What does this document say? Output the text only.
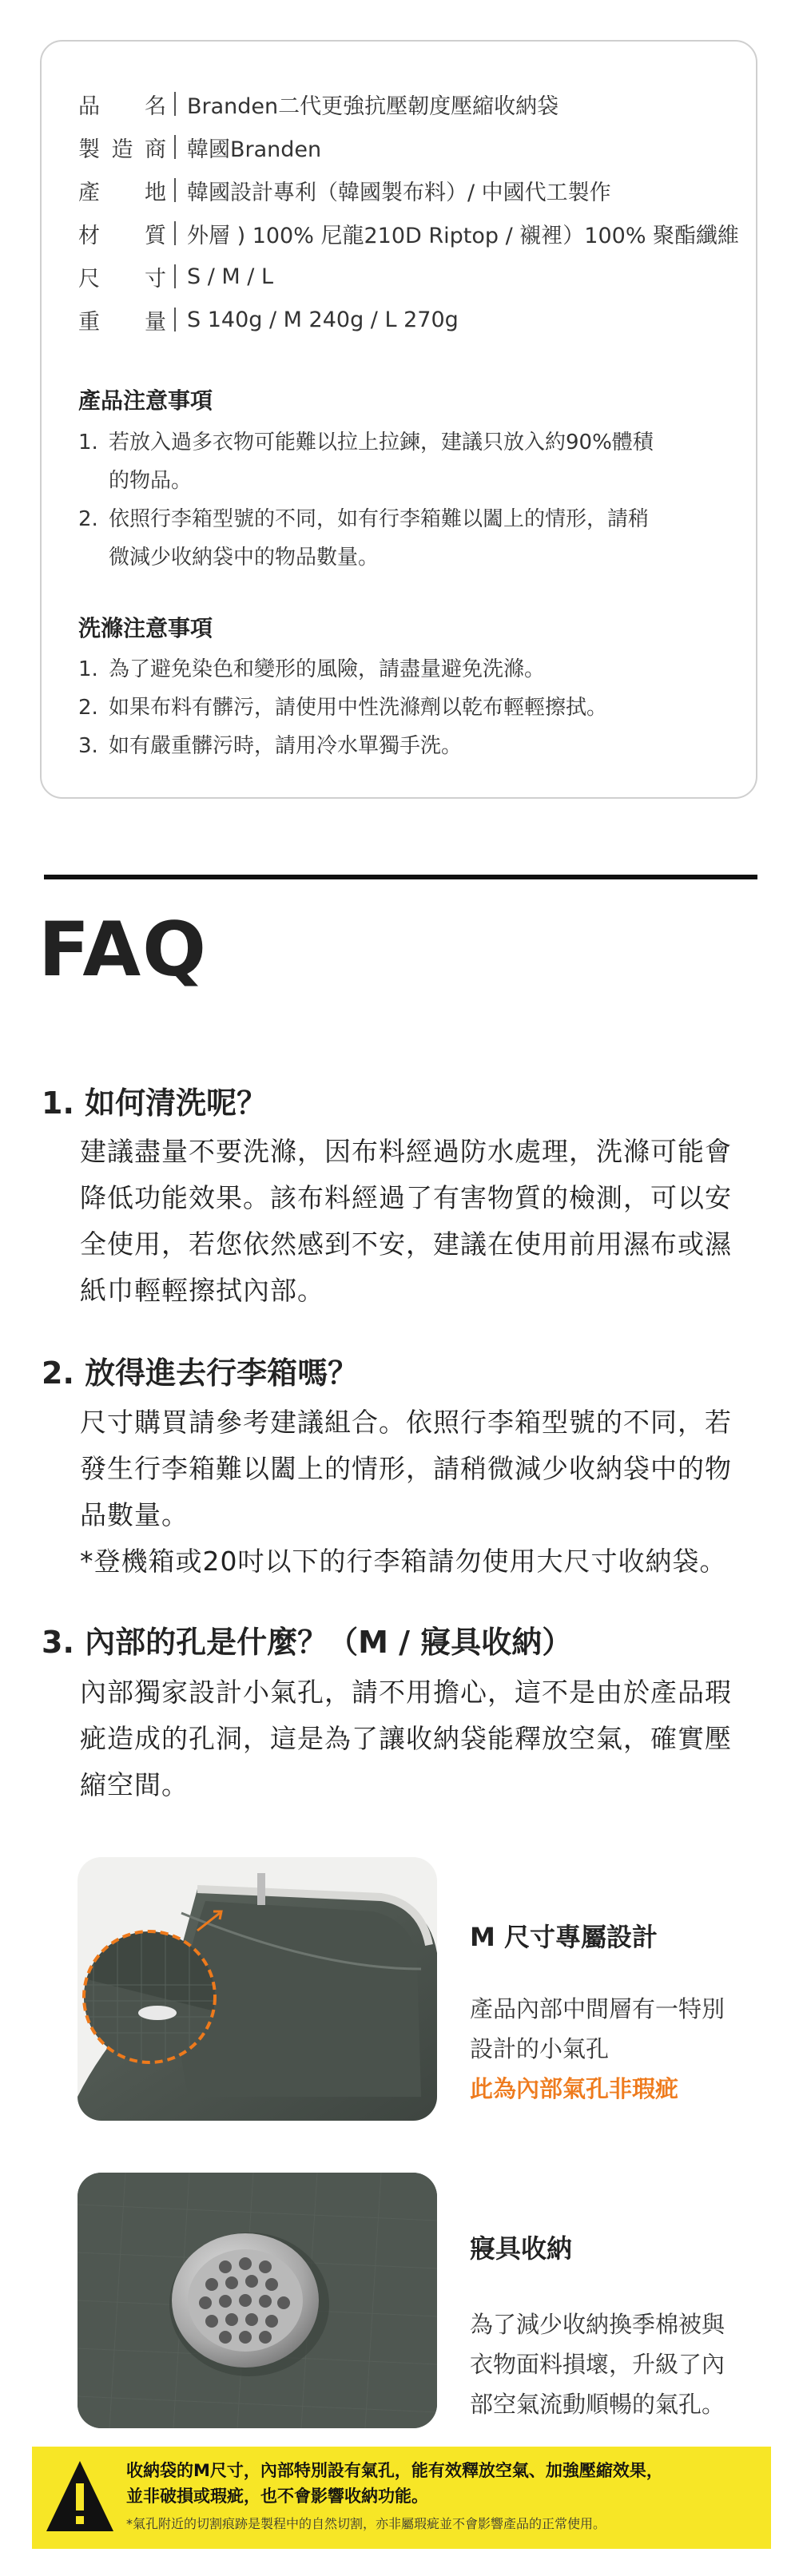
品 名 Branden二代更強抗壓韌度壓縮收納袋
製 造 商 韓國Branden
產 地 韓國設計專利（韓國製布料）/ 中國代工製作
材 質 外層 ) 100% 尼龍210D Riptop / 襯裡）100% 聚酯纖維
尺 寸 S / M / L
重 量 S 140g / M 240g / L 270g
產品注意事項
1. 若放入過多衣物可能難以拉上拉鍊，建議只放入約90%體積
的物品。
2. 依照行李箱型號的不同，如有行李箱難以闔上的情形，請稍
微減少收納袋中的物品數量。
洗滌注意事項
1. 為了避免染色和變形的風險，請盡量避免洗滌。
2. 如果布料有髒污，請使用中性洗滌劑以乾布輕輕擦拭。
3. 如有嚴重髒污時，請用冷水單獨手洗。
FAQ
1. 如何清洗呢？
建議盡量不要洗滌，因布料經過防水處理，洗滌可能會
降低功能效果。該布料經過了有害物質的檢測，可以安
全使用，若您依然感到不安，建議在使用前用濕布或濕
紙巾輕輕擦拭內部。
2. 放得進去行李箱嗎？
尺寸購買請參考建議組合。依照行李箱型號的不同，若
發生行李箱難以闔上的情形，請稍微減少收納袋中的物
品數量。
*登機箱或20吋以下的行李箱請勿使用大尺寸收納袋。
3. 內部的孔是什麼？（M / 寢具收納）
內部獨家設計小氣孔，請不用擔心，這不是由於產品瑕
疵造成的孔洞，這是為了讓收納袋能釋放空氣，確實壓
縮空間。
M 尺寸專屬設計
產品內部中間層有一特別
設計的小氣孔
此為內部氣孔非瑕疵
寢具收納
為了減少收納換季棉被與
衣物面料損壞，升級了內
部空氣流動順暢的氣孔。
收納袋的M尺寸，內部特別設有氣孔，能有效釋放空氣、加強壓縮效果，
並非破損或瑕疵，也不會影響收納功能。
*氣孔附近的切割痕跡是製程中的自然切割，亦非屬瑕疵並不會影響產品的正常使用。
